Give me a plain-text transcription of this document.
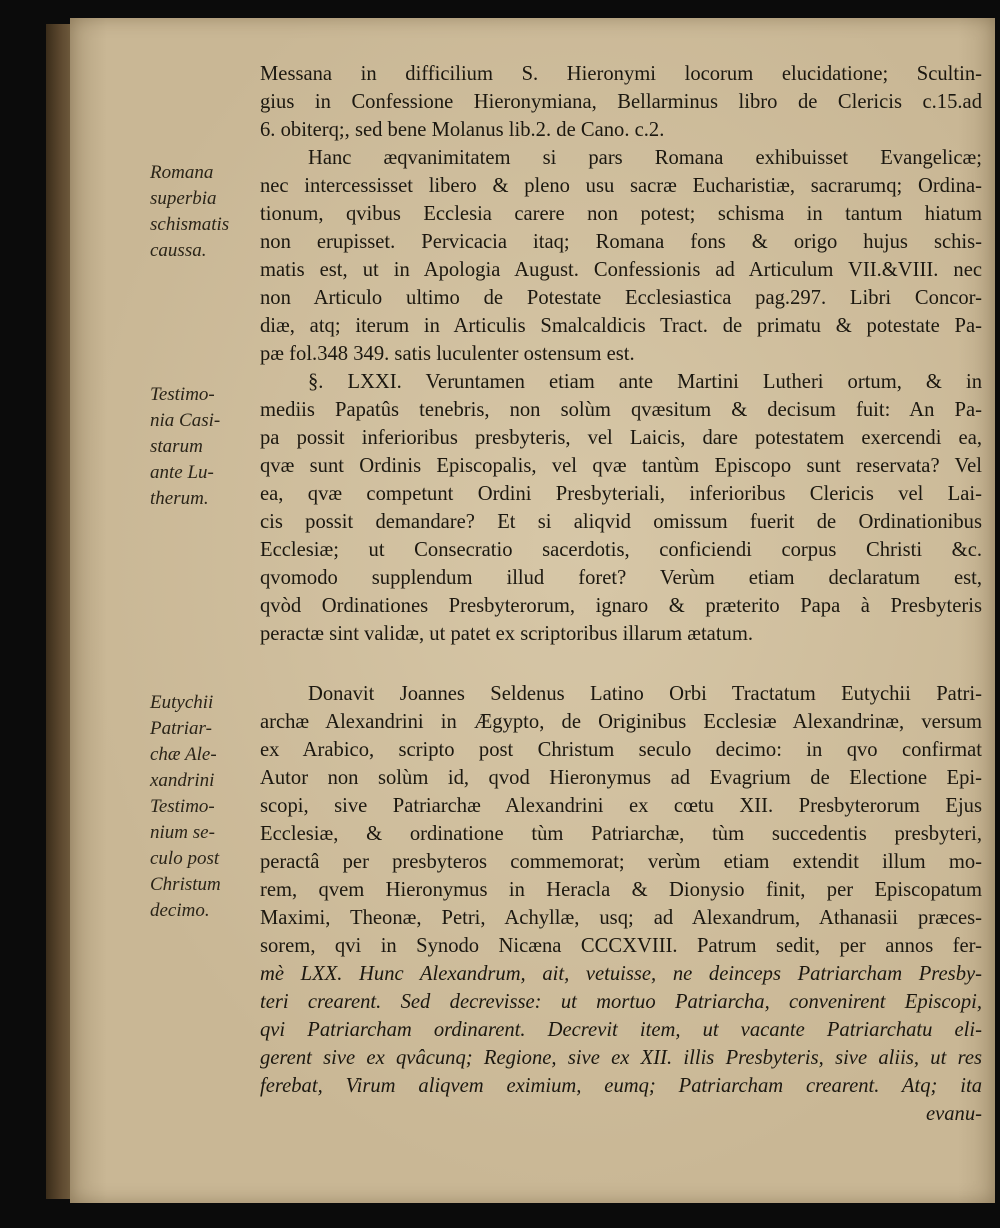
Messana in difficilium S. Hieronymi locorum elucidatione; Scultin-
gius in Confessione Hieronymiana, Bellarminus libro de Clericis c.15.ad
6. obiterq;, sed bene Molanus lib.2. de Cano. c.2.
Hanc æqvanimitatem si pars Romana exhibuisset Evangelicæ;
nec intercessisset libero & pleno usu sacræ Eucharistiæ, sacrarumq; Ordina-
tionum, qvibus Ecclesia carere non potest; schisma in tantum hiatum
non erupisset. Pervicacia itaq; Romana fons & origo hujus schis-
matis est, ut in Apologia August. Confessionis ad Articulum VII.&VIII. nec
non Articulo ultimo de Potestate Ecclesiastica pag.297. Libri Concor-
diæ, atq; iterum in Articulis Smalcaldicis Tract. de primatu & potestate Pa-
pæ fol.348 349. satis luculenter ostensum est.
§. LXXI. Veruntamen etiam ante Martini Lutheri ortum, & in
mediis Papatûs tenebris, non solùm qvæsitum & decisum fuit: An Pa-
pa possit inferioribus presbyteris, vel Laicis, dare potestatem exercendi ea,
qvæ sunt Ordinis Episcopalis, vel qvæ tantùm Episcopo sunt reservata? Vel
ea, qvæ competunt Ordini Presbyteriali, inferioribus Clericis vel Lai-
cis possit demandare? Et si aliqvid omissum fuerit de Ordinationibus
Ecclesiæ; ut Consecratio sacerdotis, conficiendi corpus Christi &c.
qvomodo supplendum illud foret? Verùm etiam declaratum est,
qvòd Ordinationes Presbyterorum, ignaro & præterito Papa à Presbyteris
peractæ sint validæ, ut patet ex scriptoribus illarum ætatum.
Donavit Joannes Seldenus Latino Orbi Tractatum Eutychii Patri-
archæ Alexandrini in Ægypto, de Originibus Ecclesiæ Alexandrinæ, versum
ex Arabico, scripto post Christum seculo decimo: in qvo confirmat
Autor non solùm id, qvod Hieronymus ad Evagrium de Electione Epi-
scopi, sive Patriarchæ Alexandrini ex cœtu XII. Presbyterorum Ejus
Ecclesiæ, & ordinatione tùm Patriarchæ, tùm succedentis presbyteri,
peractâ per presbyteros commemorat; verùm etiam extendit illum mo-
rem, qvem Hieronymus in Heracla & Dionysio finit, per Episcopatum
Maximi, Theonæ, Petri, Achyllæ, usq; ad Alexandrum, Athanasii præces-
sorem, qvi in Synodo Nicæna CCCXVIII. Patrum sedit, per annos fer-
mè LXX. Hunc Alexandrum, ait, vetuisse, ne deinceps Patriarcham Presby-
teri crearent. Sed decrevisse: ut mortuo Patriarcha, convenirent Episcopi,
qvi Patriarcham ordinarent. Decrevit item, ut vacante Patriarchatu eli-
gerent sive ex qvâcunq; Regione, sive ex XII. illis Presbyteris, sive aliis, ut res
ferebat, Virum aliqvem eximium, eumq; Patriarcham crearent. Atq; ita
evanu-
Romana
superbia
schismatis
caussa.
Testimo-
nia Casi-
starum
ante Lu-
therum.
Eutychii
Patriar-
chæ Ale-
xandrini
Testimo-
nium se-
culo post
Christum
decimo.
